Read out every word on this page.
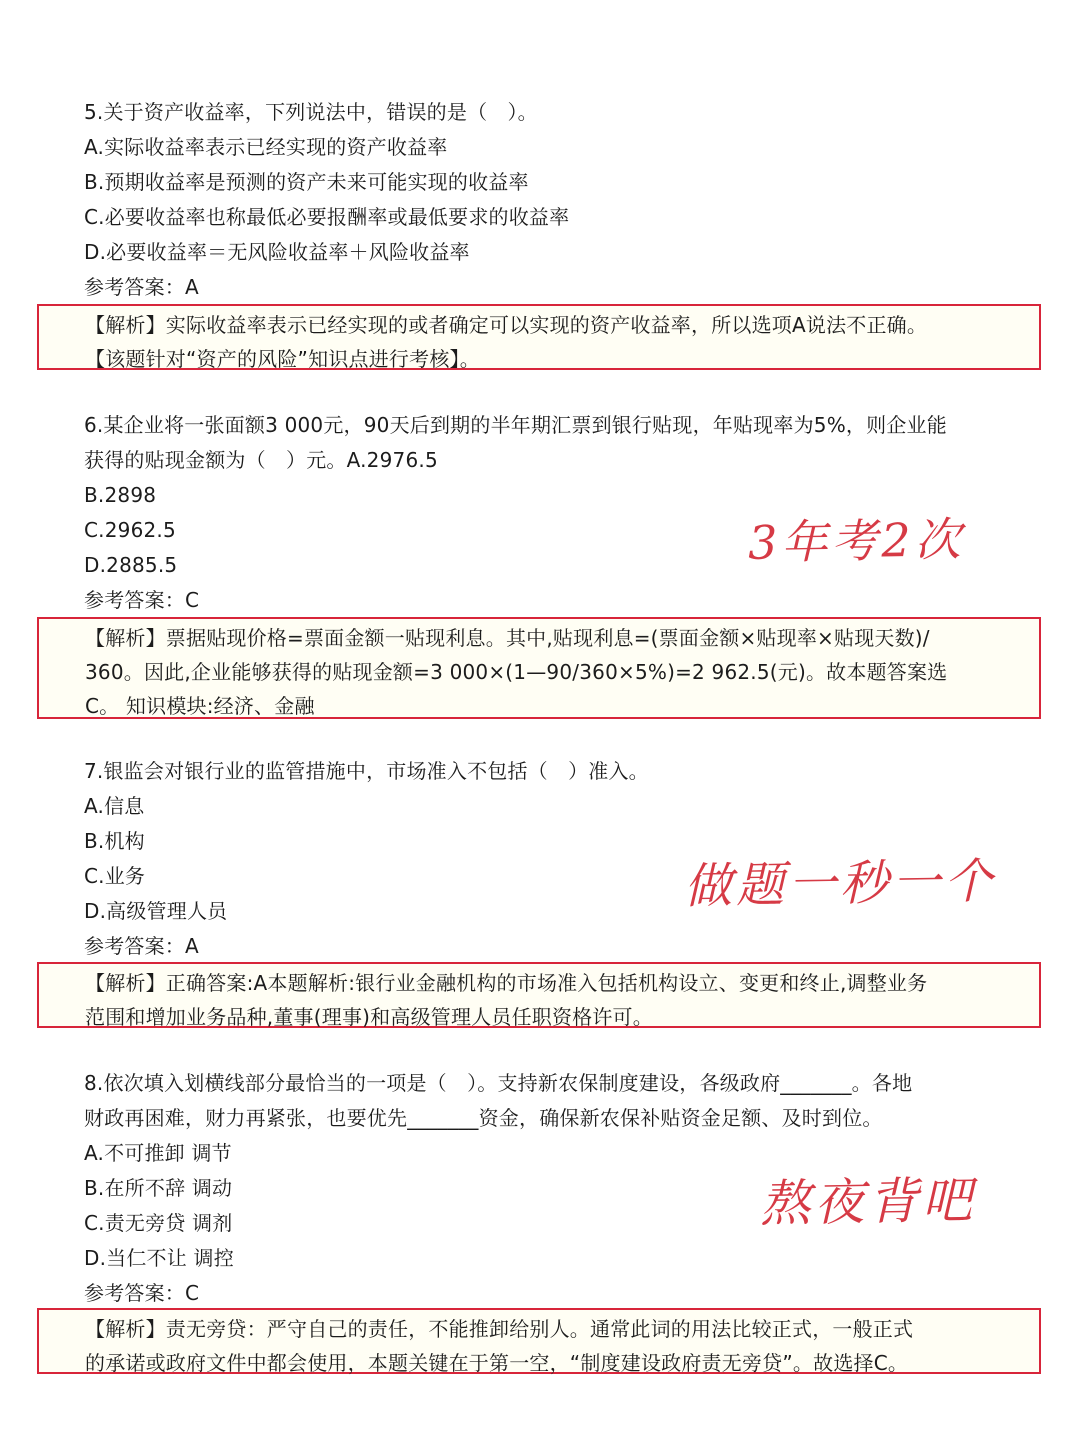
5.关于资产收益率，下列说法中，错误的是（　）。
A.实际收益率表示已经实现的资产收益率
B.预期收益率是预测的资产未来可能实现的收益率
C.必要收益率也称最低必要报酬率或最低要求的收益率
D.必要收益率＝无风险收益率＋风险收益率
参考答案：A
【解析】实际收益率表示已经实现的或者确定可以实现的资产收益率，所以选项A说法不正确。
【该题针对“资产的风险”知识点进行考核】。
6.某企业将一张面额3 000元，90天后到期的半年期汇票到银行贴现，年贴现率为5%，则企业能
获得的贴现金额为（　）元。A.2976.5
B.2898
C.2962.5
D.2885.5
参考答案：C
【解析】票据贴现价格=票面金额一贴现利息。其中,贴现利息=(票面金额×贴现率×贴现天数)/
360。因此,企业能够获得的贴现金额=3 000×(1—90/360×5%)=2 962.5(元)。故本题答案选
C。 知识模块:经济、金融
7.银监会对银行业的监管措施中，市场准入不包括（　）准入。
A.信息
B.机构
C.业务
D.高级管理人员
参考答案：A
【解析】正确答案:A本题解析:银行业金融机构的市场准入包括机构设立、变更和终止,调整业务
范围和增加业务品种,董事(理事)和高级管理人员任职资格许可。
8.依次填入划横线部分最恰当的一项是（　）。支持新农保制度建设，各级政府_______。各地
财政再困难，财力再紧张，也要优先_______资金，确保新农保补贴资金足额、及时到位。
A.不可推卸 调节
B.在所不辞 调动
C.责无旁贷 调剂
D.当仁不让 调控
参考答案：C
【解析】责无旁贷：严守自己的责任，不能推卸给别人。通常此词的用法比较正式，一般正式
的承诺或政府文件中都会使用，本题关键在于第一空，“制度建设政府责无旁贷”。故选择C。
3年考2次
做题一秒一个
熬夜背吧
